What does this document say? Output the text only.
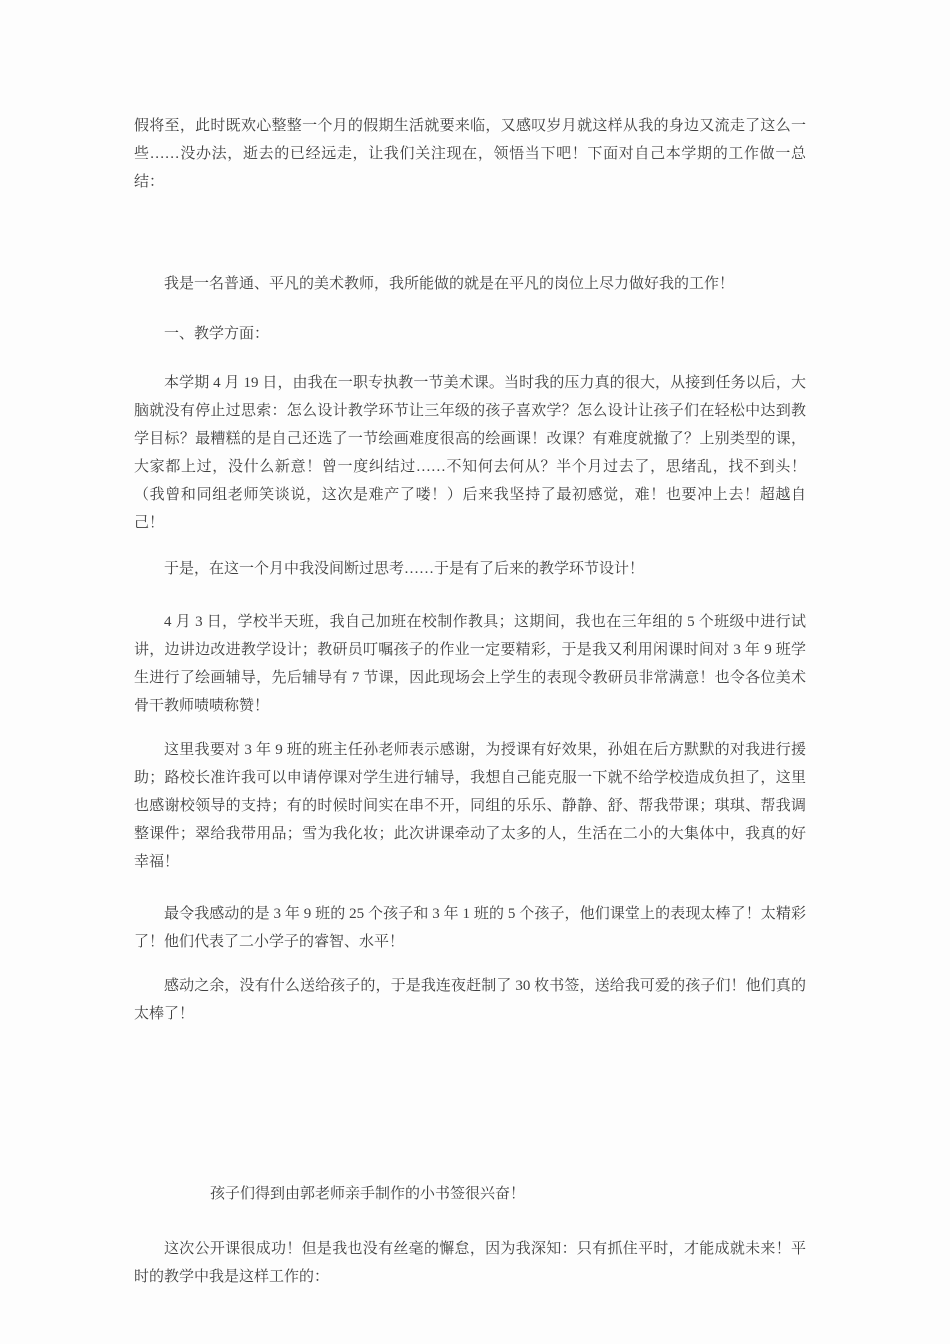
假将至，此时既欢心整整一个月的假期生活就要来临，又感叹岁月就这样从我的身边又流走了这么一些……没办法，逝去的已经远走，让我们关注现在，领悟当下吧！下面对自己本学期的工作做一总结：

我是一名普通、平凡的美术教师，我所能做的就是在平凡的岗位上尽力做好我的工作！

一、教学方面：

本学期 4 月 19 日，由我在一职专执教一节美术课。当时我的压力真的很大，从接到任务以后，大脑就没有停止过思索：怎么设计教学环节让三年级的孩子喜欢学？怎么设计让孩子们在轻松中达到教学目标？最糟糕的是自己还选了一节绘画难度很高的绘画课！改课？有难度就撤了？上别类型的课，大家都上过，没什么新意！曾一度纠结过……不知何去何从？半个月过去了，思绪乱，找不到头！（我曾和同组老师笑谈说，这次是难产了喽！）后来我坚持了最初感觉，难！也要冲上去！超越自己！

于是，在这一个月中我没间断过思考……于是有了后来的教学环节设计！

4 月 3 日，学校半天班，我自己加班在校制作教具；这期间，我也在三年组的 5 个班级中进行试讲，边讲边改进教学设计；教研员叮嘱孩子的作业一定要精彩，于是我又利用闲课时间对 3 年 9 班学生进行了绘画辅导，先后辅导有 7 节课，因此现场会上学生的表现令教研员非常满意！也令各位美术骨干教师啧啧称赞！

这里我要对 3 年 9 班的班主任孙老师表示感谢，为授课有好效果，孙姐在后方默默的对我进行援助；路校长准许我可以申请停课对学生进行辅导，我想自己能克服一下就不给学校造成负担了，这里也感谢校领导的支持；有的时候时间实在串不开，同组的乐乐、静静、舒、帮我带课；琪琪、帮我调整课件；翠给我带用品；雪为我化妆；此次讲课牵动了太多的人，生活在二小的大集体中，我真的好幸福！

最令我感动的是 3 年 9 班的 25 个孩子和 3 年 1 班的 5 个孩子，他们课堂上的表现太棒了！太精彩了！他们代表了二小学子的睿智、水平！

感动之余，没有什么送给孩子的，于是我连夜赶制了 30 枚书签，送给我可爱的孩子们！他们真的太棒了！

孩子们得到由郭老师亲手制作的小书签很兴奋！

这次公开课很成功！但是我也没有丝毫的懈怠，因为我深知：只有抓住平时，才能成就未来！平时的教学中我是这样工作的：
